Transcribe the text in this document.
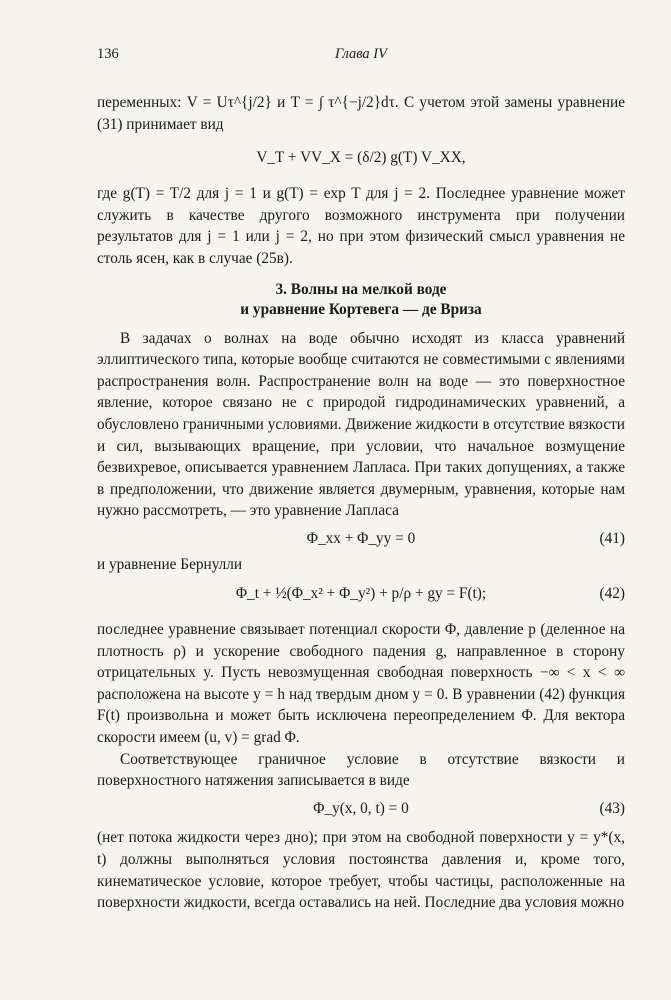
136	Глава IV

переменных: V = Uτ^{j/2} и T = ∫ τ^{−j/2}dτ. С учетом этой замены уравнение (31) принимает вид

V_T + VV_X = (δ/2) g(T) V_XX,

где g(T) = T/2 для j = 1 и g(T) = exp T для j = 2. Последнее уравнение может служить в качестве другого возможного инструмента при получении результатов для j = 1 или j = 2, но при этом физический смысл уравнения не столь ясен, как в случае (25в).

3. Волны на мелкой воде
и уравнение Кортевега — де Вриза

В задачах о волнах на воде обычно исходят из класса уравнений эллиптического типа, которые вообще считаются не совместимыми с явлениями распространения волн. Распространение волн на воде — это поверхностное явление, которое связано не с природой гидродинамических уравнений, а обусловлено граничными условиями. Движение жидкости в отсутствие вязкости и сил, вызывающих вращение, при условии, что начальное возмущение безвихревое, описывается уравнением Лапласа. При таких допущениях, а также в предположении, что движение является двумерным, уравнения, которые нам нужно рассмотреть, — это уравнение Лапласа

Φ_xx + Φ_yy = 0	(41)

и уравнение Бернулли

Φ_t + ½(Φ_x² + Φ_y²) + p/ρ + gy = F(t);	(42)

последнее уравнение связывает потенциал скорости Φ, давление p (деленное на плотность ρ) и ускорение свободного падения g, направленное в сторону отрицательных y. Пусть невозмущенная свободная поверхность −∞ < x < ∞ расположена на высоте y = h над твердым дном y = 0. В уравнении (42) функция F(t) произвольна и может быть исключена переопределением Φ. Для вектора скорости имеем (u, v) = grad Φ.

Соответствующее граничное условие в отсутствие вязкости и поверхностного натяжения записывается в виде

Φ_y(x, 0, t) = 0	(43)

(нет потока жидкости через дно); при этом на свободной поверхности y = y*(x, t) должны выполняться условия постоянства давления и, кроме того, кинематическое условие, которое требует, чтобы частицы, расположенные на поверхности жидкости, всегда оставались на ней. Последние два условия можно
